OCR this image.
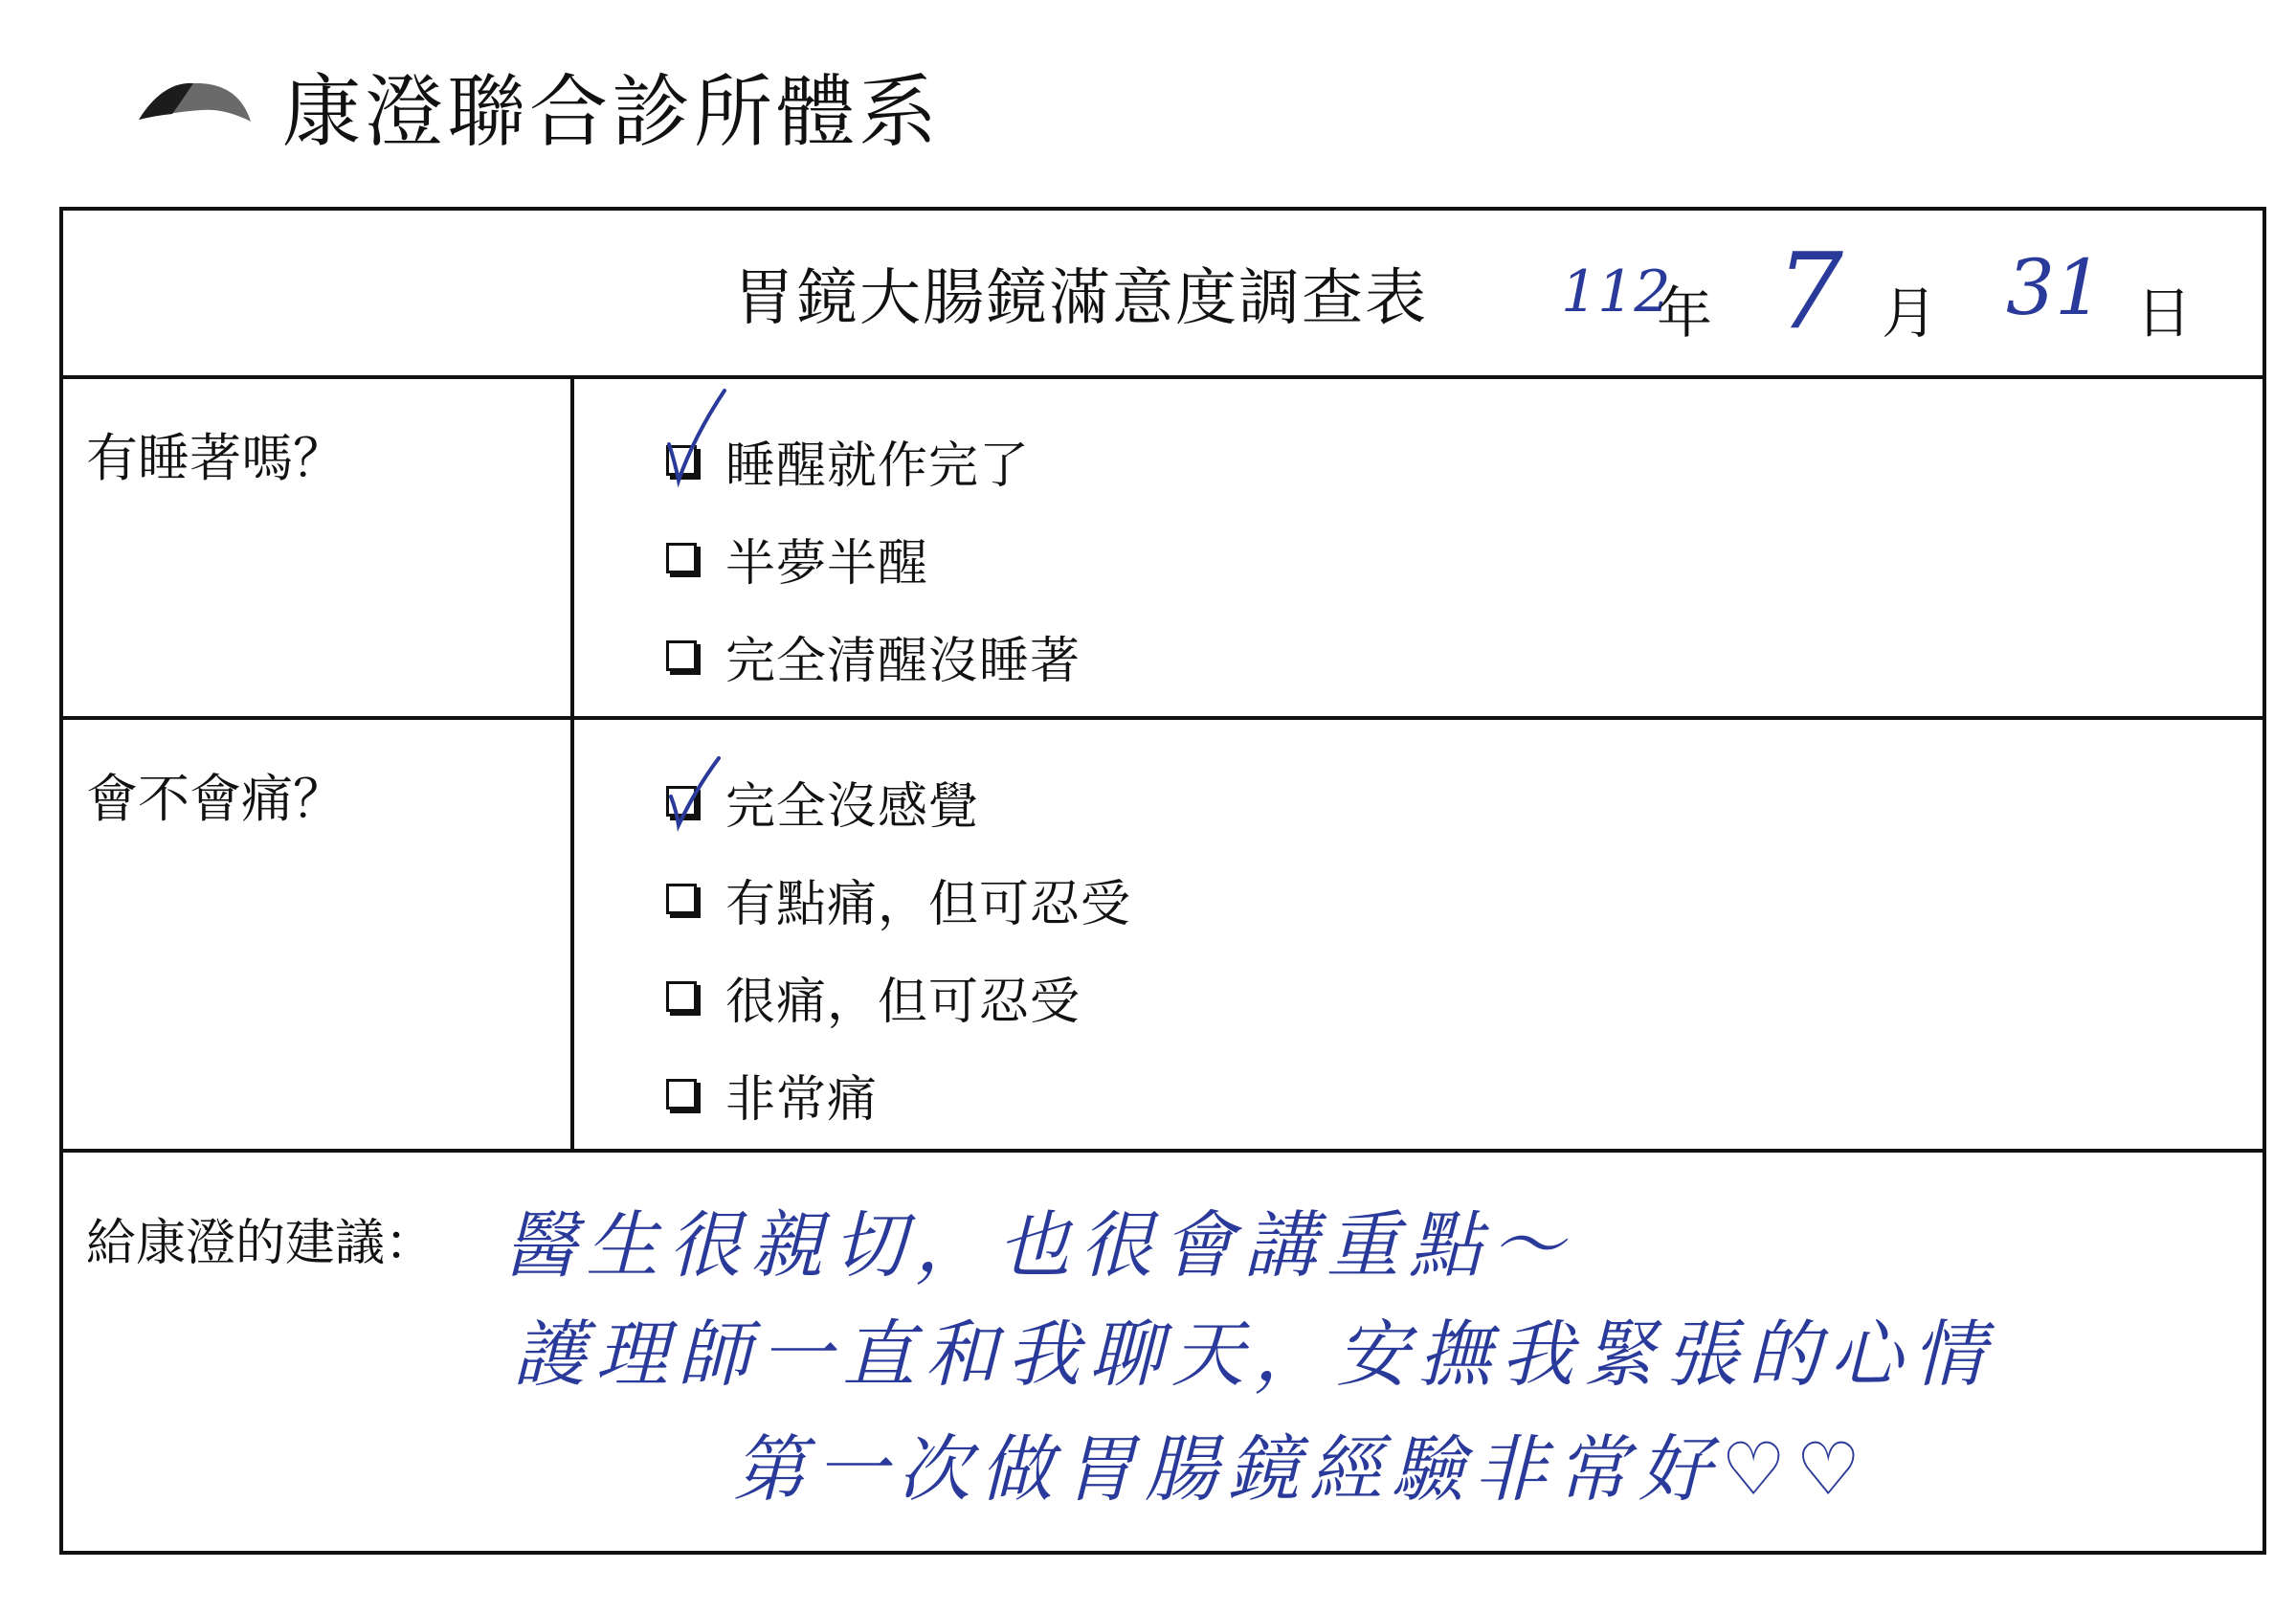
康澄聯合診所體系
胃鏡大腸鏡滿意度調查表 112
年 7 月 31 日
有睡著嗎？	睡醒就作完了
半夢半醒
完全清醒沒睡著
會不會痛？	完全沒感覺
有點痛，但可忍受
很痛，但可忍受
非常痛
給康澄的建議： 醫生很親切，也很會講重點～
護理師一直和我聊天，安撫我緊張的心情
第一次做胃腸鏡經驗非常好♡♡
